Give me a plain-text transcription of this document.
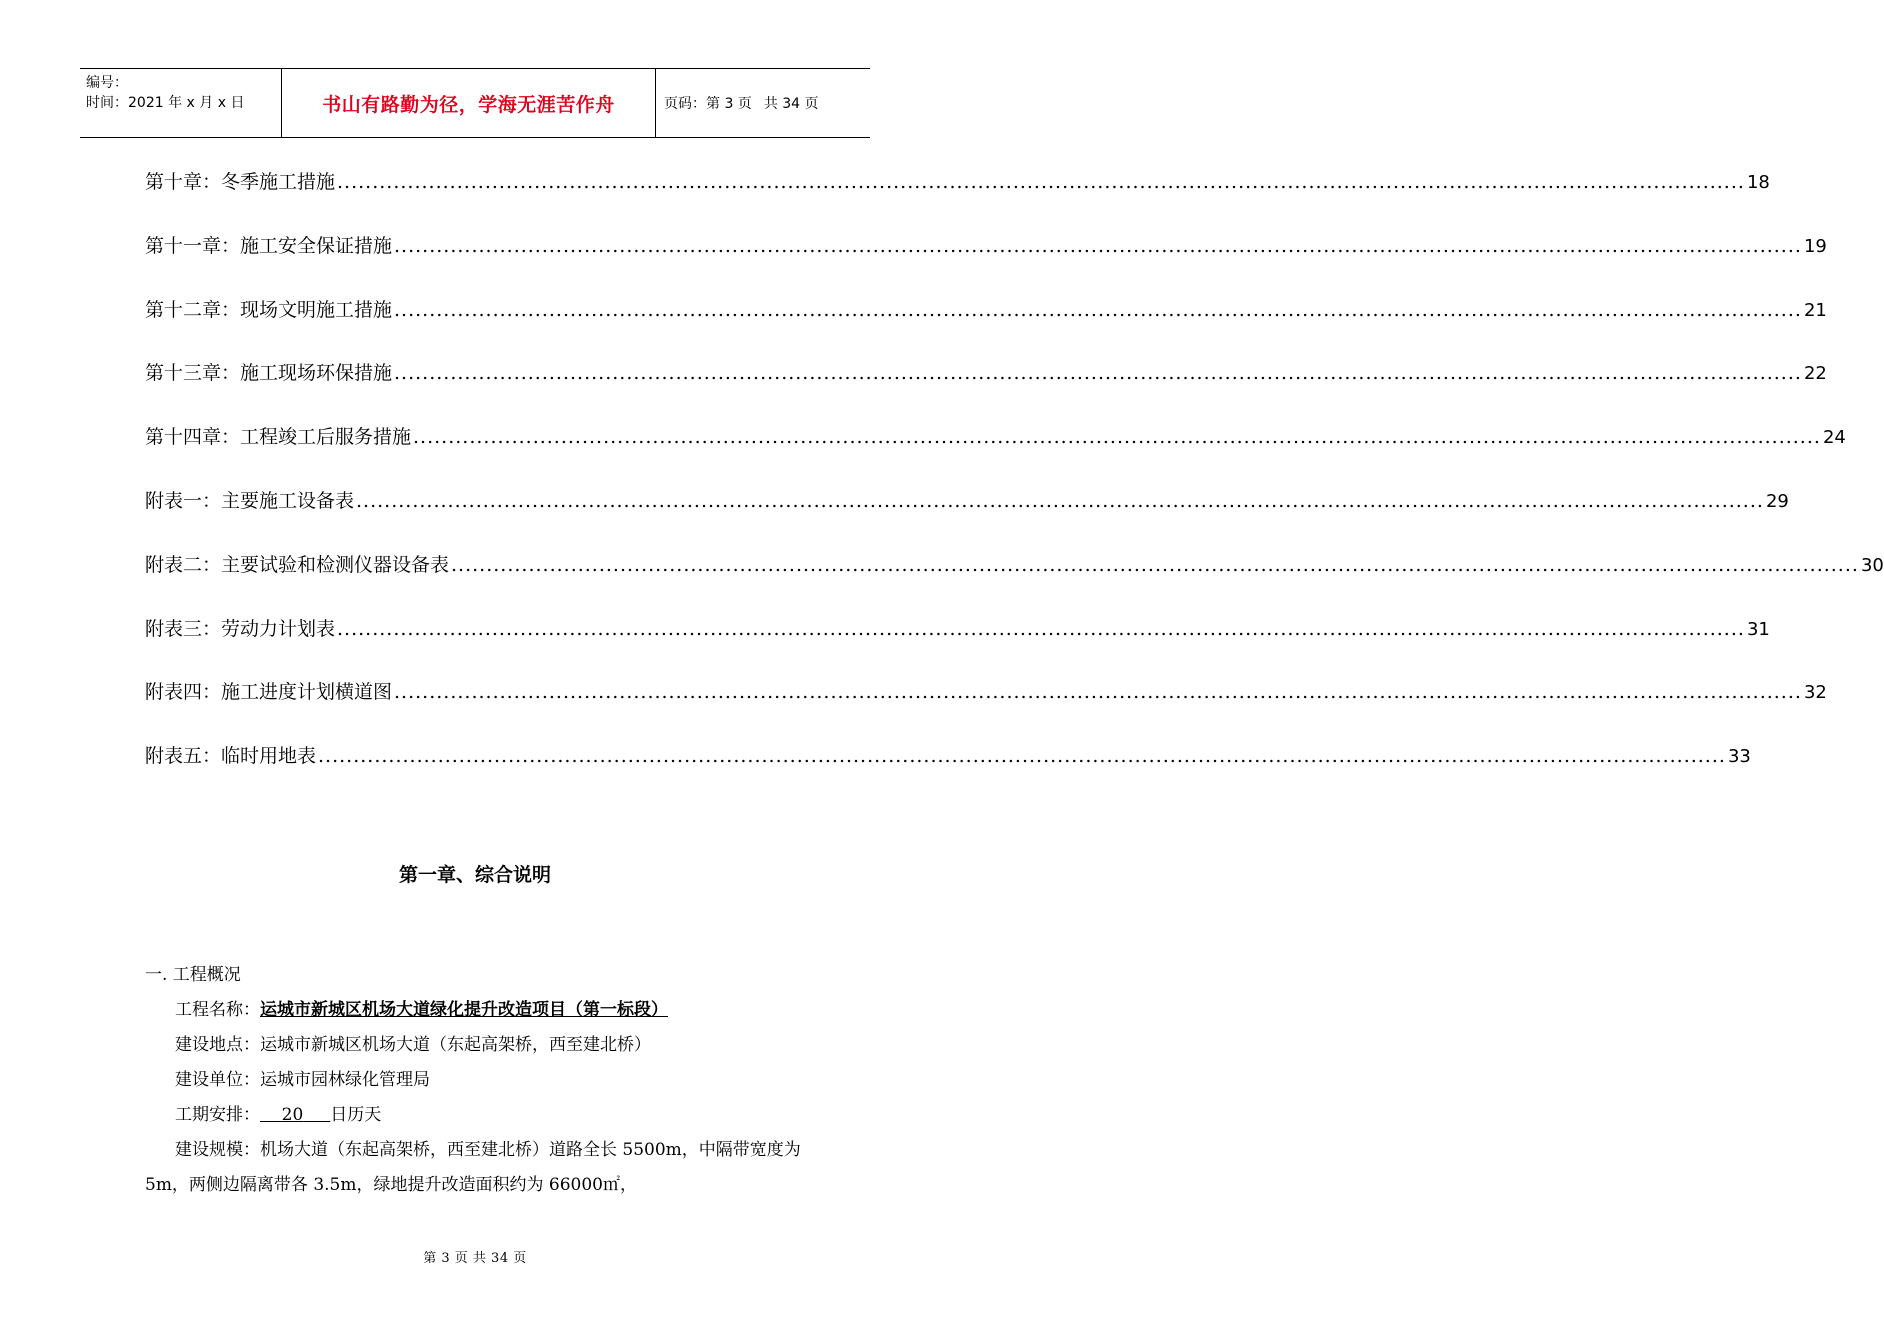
编号：
时间：2021 年 x 月 x 日	书山有路勤为径，学海无涯苦作舟	页码：第 3 页 共 34 页
第十章：冬季施工措施 ........................................................................................................................................................................................................ 18
第十一章：施工安全保证措施 ........................................................................................................................................................................................................ 19
第十二章：现场文明施工措施 ........................................................................................................................................................................................................ 21
第十三章：施工现场环保措施 ........................................................................................................................................................................................................ 22
第十四章：工程竣工后服务措施 ........................................................................................................................................................................................................ 24
附表一：主要施工设备表 ........................................................................................................................................................................................................ 29
附表二：主要试验和检测仪器设备表 ........................................................................................................................................................................................................ 30
附表三：劳动力计划表 ........................................................................................................................................................................................................ 31
附表四：施工进度计划横道图 ........................................................................................................................................................................................................ 32
附表五：临时用地表 ........................................................................................................................................................................................................ 33
第一章、综合说明
一. 工程概况
工程名称：运城市新城区机场大道绿化提升改造项目（第一标段）
建设地点：运城市新城区机场大道（东起高架桥，西至建北桥）
建设单位：运城市园林绿化管理局
工期安排： 20 日历天
建设规模：机场大道（东起高架桥，西至建北桥）道路全长 5500m，中隔带宽度为 5m，两侧边隔离带各 3.5m，绿地提升改造面积约为 66000㎡，
第 3 页 共 34 页
